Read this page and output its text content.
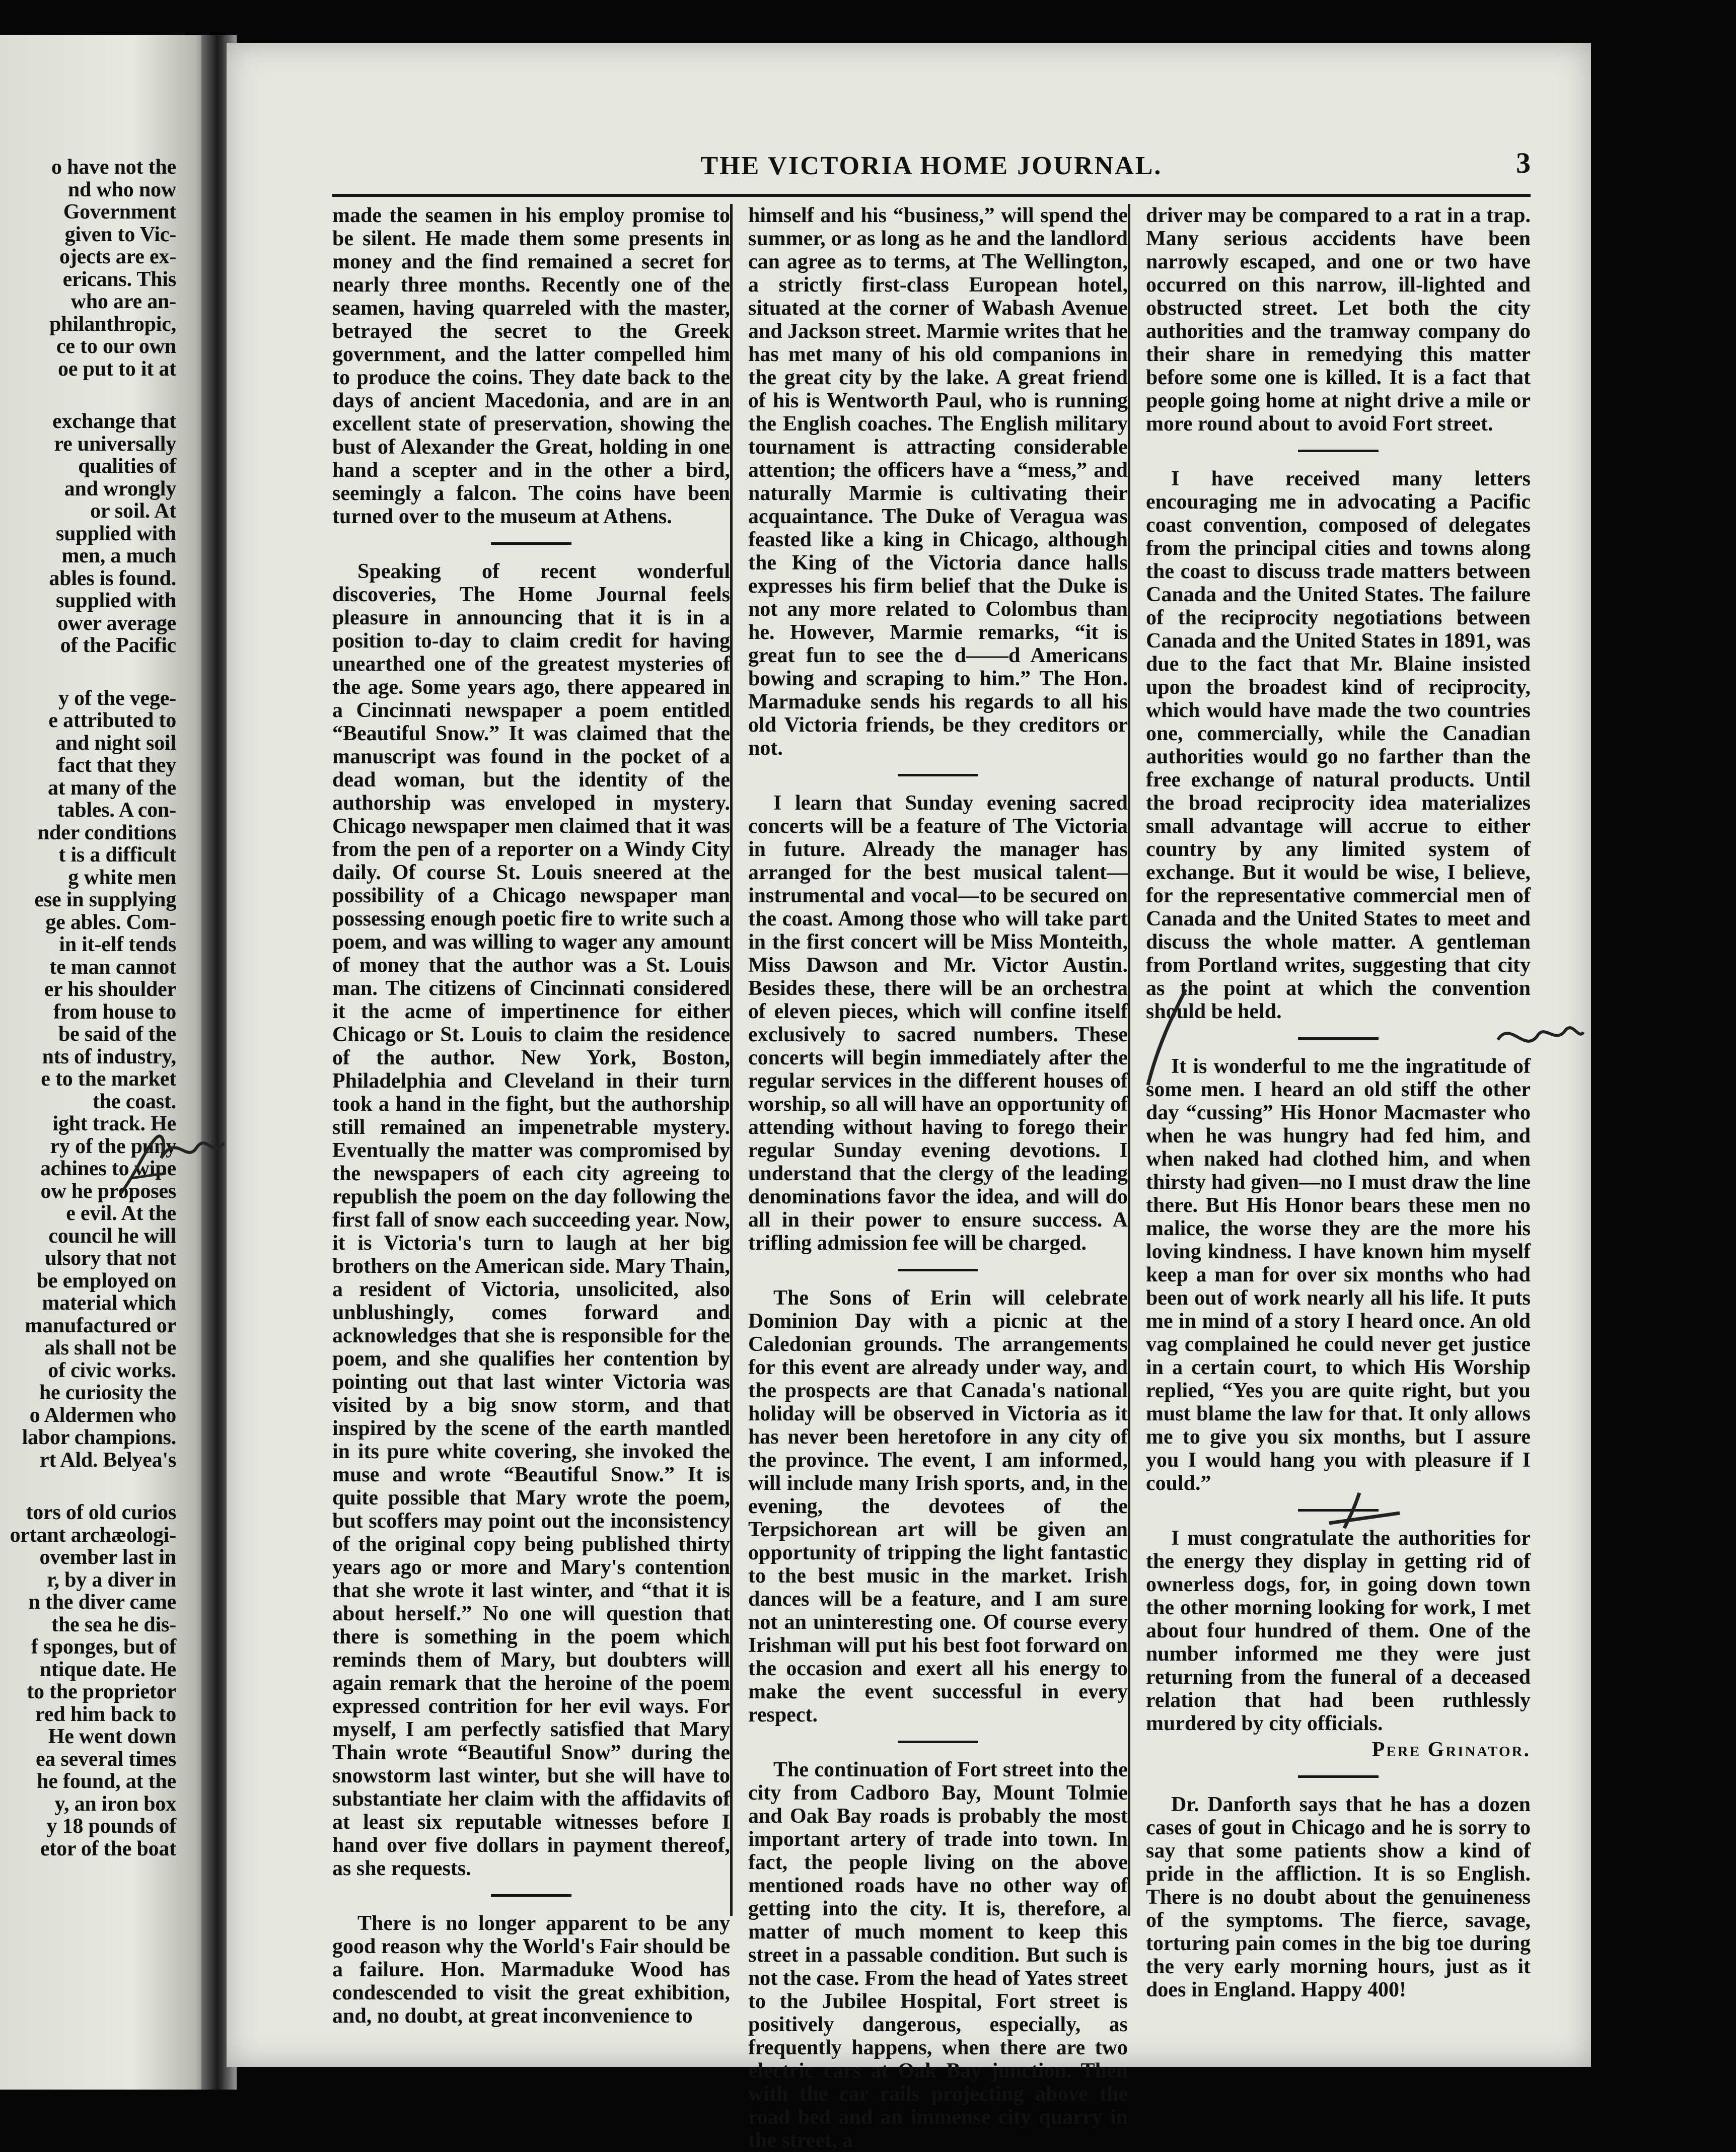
o have not the
nd who now
Government
given to Vic-
ojects are ex-
ericans. This
who are an-
philanthropic,
ce to our own
oe put to it at
exchange that
re universally
qualities of
and wrongly
or soil. At
supplied with
men, a much
ables is found.
supplied with
ower average
of the Pacific
y of the vege-
e attributed to
and night soil
fact that they
at many of the
tables. A con-
nder conditions
t is a difficult
g white men
ese in supplying
ge ables. Com-
in it-elf tends
te man cannot
er his shoulder
from house to
be said of the
nts of industry,
e to the market
the coast.
ight track. He
ry of the puny
achines to wipe
ow he proposes
e evil. At the
council he will
ulsory that not
be employed on
material which
manufactured or
als shall not be
of civic works.
he curiosity the
o Aldermen who
labor champions.
rt Ald. Belyea's
tors of old curios
ortant archæologi-
ovember last in
r, by a diver in
n the diver came
the sea he dis-
f sponges, but of
ntique date. He
to the proprietor
red him back to
He went down
ea several times
he found, at the
y, an iron box
y 18 pounds of
etor of the boat
THE VICTORIA HOME JOURNAL.	3

made the seamen in his employ promise to be silent. He made them some presents in money and the find remained a secret for nearly three months. Recently one of the seamen, having quarreled with the master, betrayed the secret to the Greek government, and the latter compelled him to produce the coins. They date back to the days of ancient Macedonia, and are in an excellent state of preservation, showing the bust of Alexander the Great, holding in one hand a scepter and in the other a bird, seemingly a falcon. The coins have been turned over to the museum at Athens.

Speaking of recent wonderful discoveries, The Home Journal feels pleasure in announcing that it is in a position to-day to claim credit for having unearthed one of the greatest mysteries of the age. Some years ago, there appeared in a Cincinnati newspaper a poem entitled “Beautiful Snow.” It was claimed that the manuscript was found in the pocket of a dead woman, but the identity of the authorship was enveloped in mystery. Chicago newspaper men claimed that it was from the pen of a reporter on a Windy City daily. Of course St. Louis sneered at the possibility of a Chicago newspaper man possessing enough poetic fire to write such a poem, and was willing to wager any amount of money that the author was a St. Louis man. The citizens of Cincinnati considered it the acme of impertinence for either Chicago or St. Louis to claim the residence of the author. New York, Boston, Philadelphia and Cleveland in their turn took a hand in the fight, but the authorship still remained an impenetrable mystery. Eventually the matter was compromised by the newspapers of each city agreeing to republish the poem on the day following the first fall of snow each succeeding year. Now, it is Victoria's turn to laugh at her big brothers on the American side. Mary Thain, a resident of Victoria, unsolicited, also unblushingly, comes forward and acknowledges that she is responsible for the poem, and she qualifies her contention by pointing out that last winter Victoria was visited by a big snow storm, and that inspired by the scene of the earth mantled in its pure white covering, she invoked the muse and wrote “Beautiful Snow.” It is quite possible that Mary wrote the poem, but scoffers may point out the inconsistency of the original copy being published thirty years ago or more and Mary's contention that she wrote it last winter, and “that it is about herself.” No one will question that there is something in the poem which reminds them of Mary, but doubters will again remark that the heroine of the poem expressed contrition for her evil ways. For myself, I am perfectly satisfied that Mary Thain wrote “Beautiful Snow” during the snowstorm last winter, but she will have to substantiate her claim with the affidavits of at least six reputable witnesses before I hand over five dollars in payment thereof, as she requests.

There is no longer apparent to be any good reason why the World's Fair should be a failure. Hon. Marmaduke Wood has condescended to visit the great exhibition, and, no doubt, at great inconvenience to

himself and his “business,” will spend the summer, or as long as he and the landlord can agree as to terms, at The Wellington, a strictly first-class European hotel, situated at the corner of Wabash Avenue and Jackson street. Marmie writes that he has met many of his old companions in the great city by the lake. A great friend of his is Wentworth Paul, who is running the English coaches. The English military tournament is attracting considerable attention; the officers have a “mess,” and naturally Marmie is cultivating their acquaintance. The Duke of Veragua was feasted like a king in Chicago, although the King of the Victoria dance halls expresses his firm belief that the Duke is not any more related to Colombus than he. However, Marmie remarks, “it is great fun to see the d——d Americans bowing and scraping to him.” The Hon. Marmaduke sends his regards to all his old Victoria friends, be they creditors or not.

I learn that Sunday evening sacred concerts will be a feature of The Victoria in future. Already the manager has arranged for the best musical talent—instrumental and vocal—to be secured on the coast. Among those who will take part in the first concert will be Miss Monteith, Miss Dawson and Mr. Victor Austin. Besides these, there will be an orchestra of eleven pieces, which will confine itself exclusively to sacred numbers. These concerts will begin immediately after the regular services in the different houses of worship, so all will have an opportunity of attending without having to forego their regular Sunday evening devotions. I understand that the clergy of the leading denominations favor the idea, and will do all in their power to ensure success. A trifling admission fee will be charged.

The Sons of Erin will celebrate Dominion Day with a picnic at the Caledonian grounds. The arrangements for this event are already under way, and the prospects are that Canada's national holiday will be observed in Victoria as it has never been heretofore in any city of the province. The event, I am informed, will include many Irish sports, and, in the evening, the devotees of the Terpsichorean art will be given an opportunity of tripping the light fantastic to the best music in the market. Irish dances will be a feature, and I am sure not an uninteresting one. Of course every Irishman will put his best foot forward on the occasion and exert all his energy to make the event successful in every respect.

The continuation of Fort street into the city from Cadboro Bay, Mount Tolmie and Oak Bay roads is probably the most important artery of trade into town. In fact, the people living on the above mentioned roads have no other way of getting into the city. It is, therefore, a matter of much moment to keep this street in a passable condition. But such is not the case. From the head of Yates street to the Jubilee Hospital, Fort street is positively dangerous, especially, as frequently happens, when there are two electric cars at Oak Bay junction. Then with the car rails projecting above the road bed and an immense city quarry in the street, a

driver may be compared to a rat in a trap. Many serious accidents have been narrowly escaped, and one or two have occurred on this narrow, ill-lighted and obstructed street. Let both the city authorities and the tramway company do their share in remedying this matter before some one is killed. It is a fact that people going home at night drive a mile or more round about to avoid Fort street.

I have received many letters encouraging me in advocating a Pacific coast convention, composed of delegates from the principal cities and towns along the coast to discuss trade matters between Canada and the United States. The failure of the reciprocity negotiations between Canada and the United States in 1891, was due to the fact that Mr. Blaine insisted upon the broadest kind of reciprocity, which would have made the two countries one, commercially, while the Canadian authorities would go no farther than the free exchange of natural products. Until the broad reciprocity idea materializes small advantage will accrue to either country by any limited system of exchange. But it would be wise, I believe, for the representative commercial men of Canada and the United States to meet and discuss the whole matter. A gentleman from Portland writes, suggesting that city as the point at which the convention should be held.

It is wonderful to me the ingratitude of some men. I heard an old stiff the other day “cussing” His Honor Macmaster who when he was hungry had fed him, and when naked had clothed him, and when thirsty had given—no I must draw the line there. But His Honor bears these men no malice, the worse they are the more his loving kindness. I have known him myself keep a man for over six months who had been out of work nearly all his life. It puts me in mind of a story I heard once. An old vag complained he could never get justice in a certain court, to which His Worship replied, “Yes you are quite right, but you must blame the law for that. It only allows me to give you six months, but I assure you I would hang you with pleasure if I could.”

I must congratulate the authorities for the energy they display in getting rid of ownerless dogs, for, in going down town the other morning looking for work, I met about four hundred of them. One of the number informed me they were just returning from the funeral of a deceased relation that had been ruthlessly murdered by city officials.

Pere Grinator.

Dr. Danforth says that he has a dozen cases of gout in Chicago and he is sorry to say that some patients show a kind of pride in the affliction. It is so English. There is no doubt about the genuineness of the symptoms. The fierce, savage, torturing pain comes in the big toe during the very early morning hours, just as it does in England. Happy 400!
